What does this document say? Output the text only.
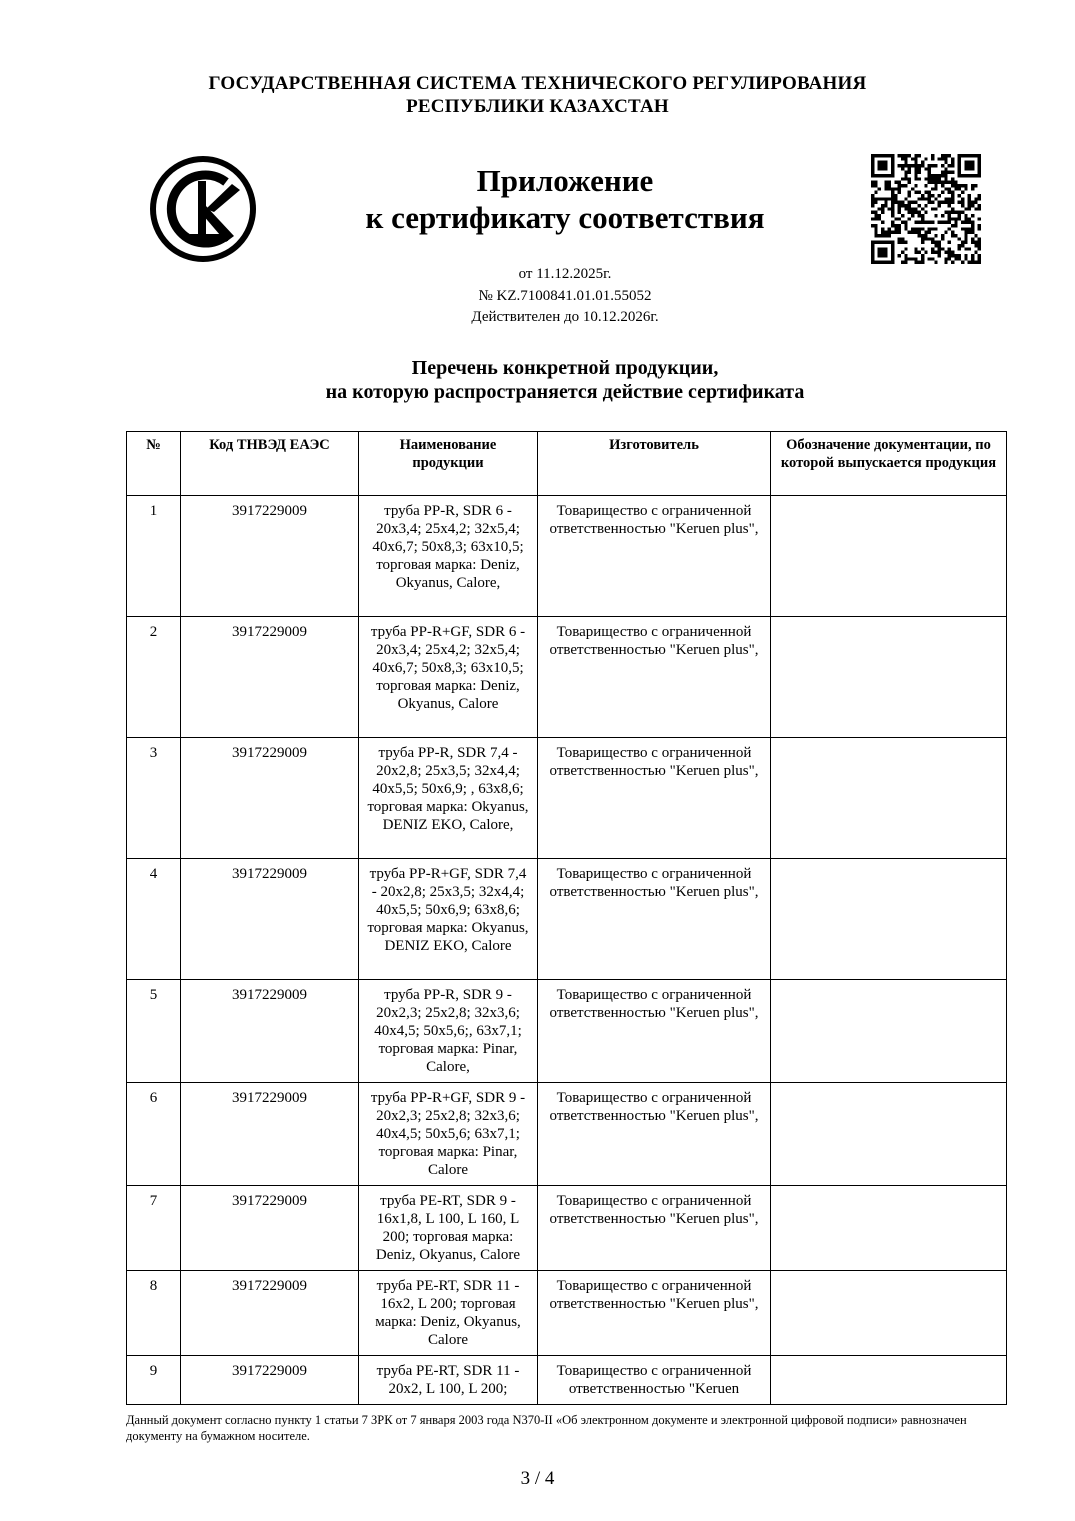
ГОСУДАРСТВЕННАЯ СИСТЕМА ТЕХНИЧЕСКОГО РЕГУЛИРОВАНИЯ
РЕСПУБЛИКИ КАЗАХСТАН
Приложение
к сертификату соответствия
от 11.12.2025г.
№ KZ.7100841.01.01.55052
Действителен до 10.12.2026г.
Перечень конкретной продукции,
на которую распространяется действие сертификата
№	Код ТНВЭД ЕАЭС	Наименование продукции	Изготовитель	Обозначение документации, по которой выпускается продукция
1	3917229009	труба PP-R, SDR 6 - 20x3,4; 25x4,2; 32x5,4; 40x6,7; 50x8,3; 63x10,5; торговая марка: Deniz, Okyanus, Calore,	Товарищество с ограниченной ответственностью "Keruen plus",	
2	3917229009	труба PP-R+GF, SDR 6 - 20x3,4; 25x4,2; 32x5,4; 40x6,7; 50x8,3; 63x10,5; торговая марка: Deniz, Okyanus, Calore	Товарищество с ограниченной ответственностью "Keruen plus",	
3	3917229009	труба PP-R, SDR 7,4 - 20x2,8; 25x3,5; 32x4,4; 40x5,5; 50x6,9; , 63x8,6; торговая марка: Okyanus, DENIZ EKO, Calore,	Товарищество с ограниченной ответственностью "Keruen plus",	
4	3917229009	труба PP-R+GF, SDR 7,4 - 20x2,8; 25x3,5; 32x4,4; 40x5,5; 50x6,9; 63x8,6; торговая марка: Okyanus, DENIZ EKO, Calore	Товарищество с ограниченной ответственностью "Keruen plus",	
5	3917229009	труба PP-R, SDR 9 - 20x2,3; 25x2,8; 32x3,6; 40x4,5; 50x5,6;, 63x7,1; торговая марка: Pinar, Calore,	Товарищество с ограниченной ответственностью "Keruen plus",	
6	3917229009	труба PP-R+GF, SDR 9 - 20x2,3; 25x2,8; 32x3,6; 40x4,5; 50x5,6; 63x7,1; торговая марка: Pinar, Calore	Товарищество с ограниченной ответственностью "Keruen plus",	
7	3917229009	труба PE-RT, SDR 9 - 16x1,8, L 100, L 160, L 200; торговая марка: Deniz, Okyanus, Calore	Товарищество с ограниченной ответственностью "Keruen plus",	
8	3917229009	труба PE-RT, SDR 11 - 16x2, L 200; торговая марка: Deniz, Okyanus, Calore	Товарищество с ограниченной ответственностью "Keruen plus",	
9	3917229009	труба PE-RT, SDR 11 - 20x2, L 100, L 200;	Товарищество с ограниченной ответственностью "Keruen	

Данный документ согласно пункту 1 статьи 7 ЗРК от 7 января 2003 года N370-II «Об электронном документе и электронной цифровой подписи» равнозначен документу на бумажном носителе.
3 / 4
